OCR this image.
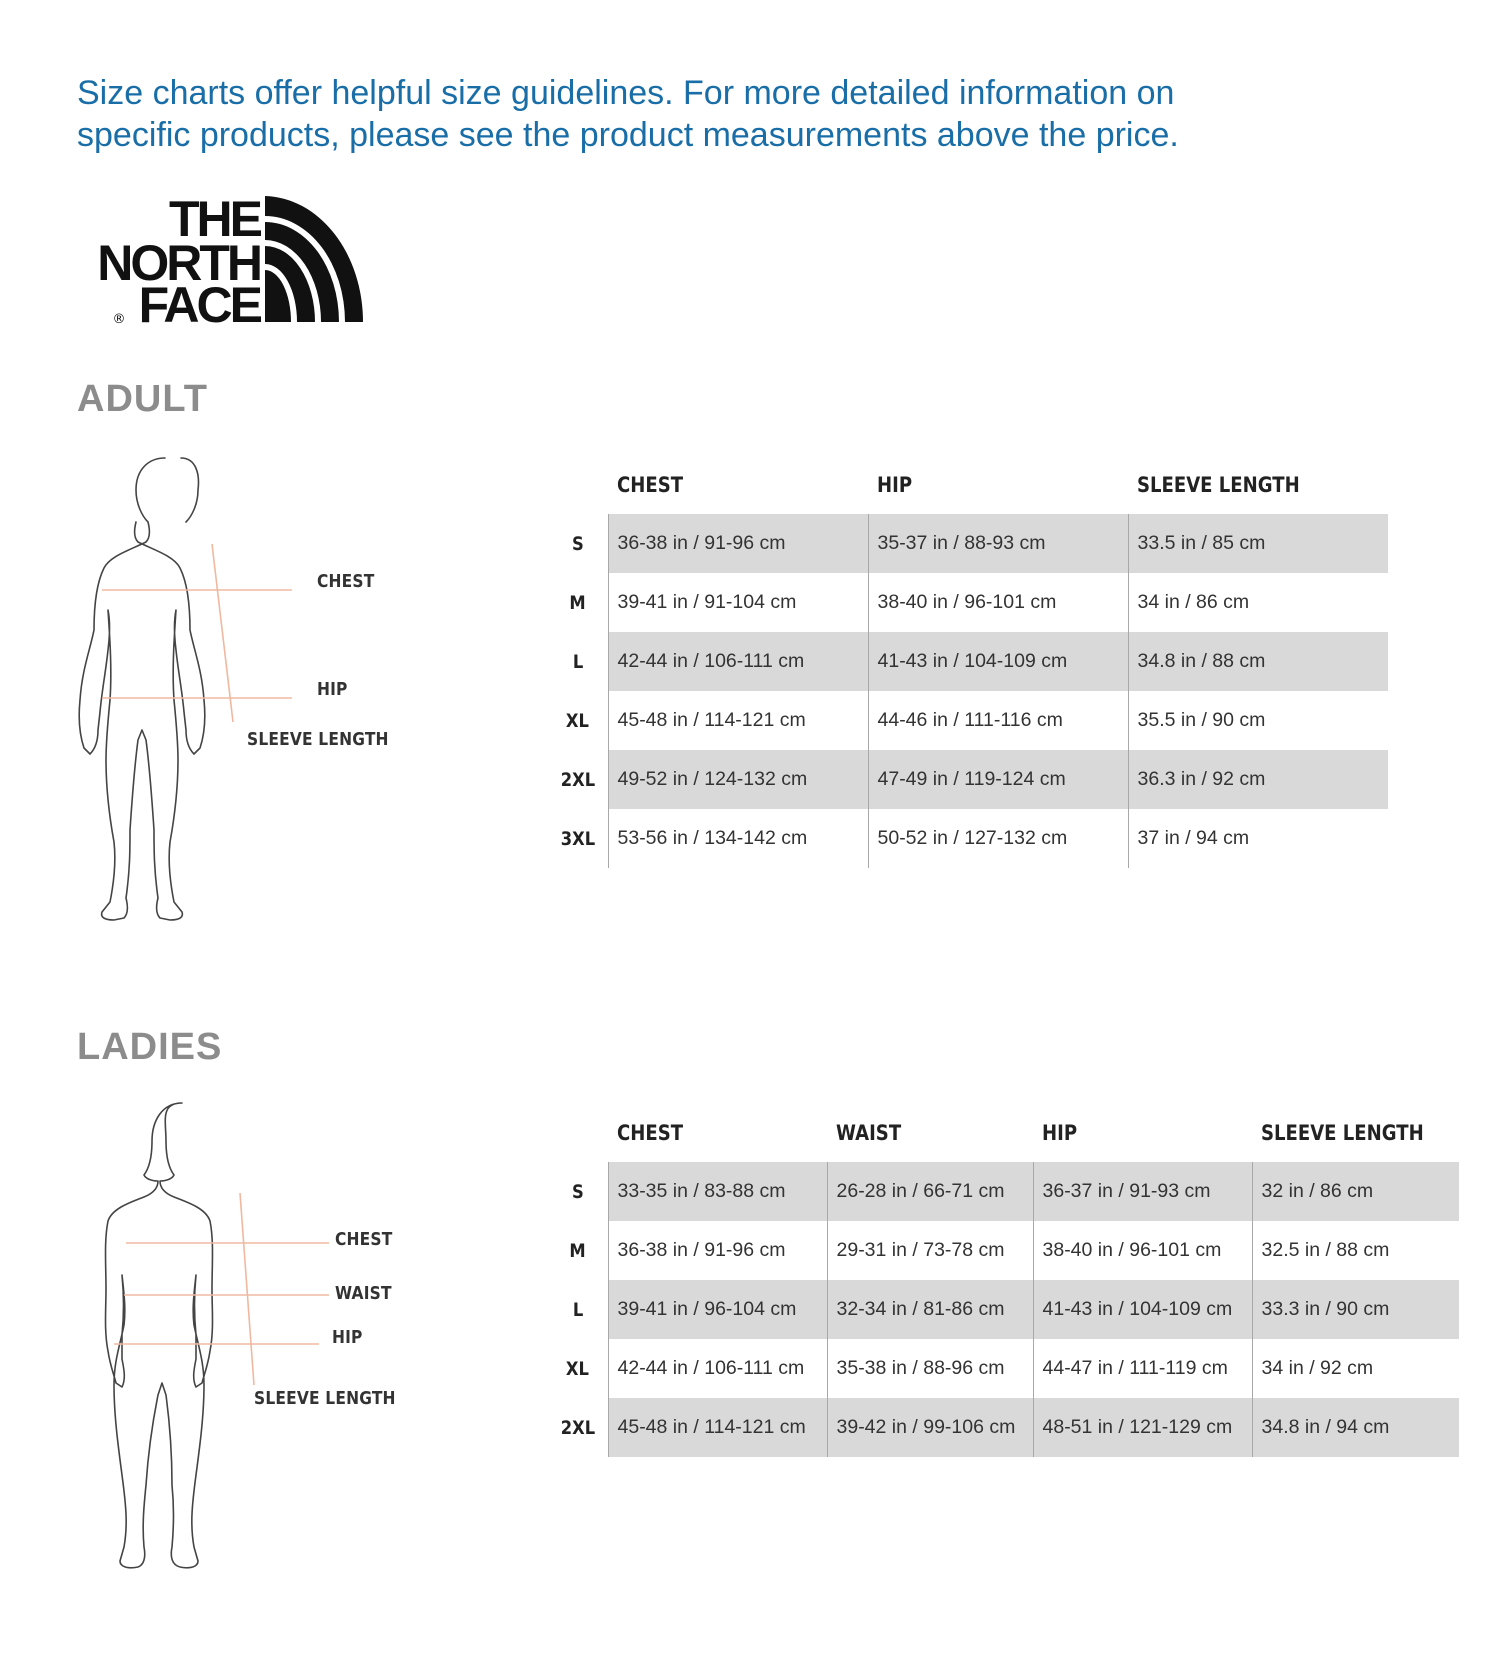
Size charts offer helpful size guidelines. For more detailed information on
specific products, please see the product measurements above the price.
THE
NORTH
FACE
®
ADULT
CHEST
HIP
SLEEVE LENGTH
	CHEST	HIP	SLEEVE LENGTH
S	36-38 in / 91-96 cm	35-37 in / 88-93 cm	33.5 in / 85 cm
M	39-41 in / 91-104 cm	38-40 in / 96-101 cm	34 in / 86 cm
L	42-44 in / 106-111 cm	41-43 in / 104-109 cm	34.8 in / 88 cm
XL	45-48 in / 114-121 cm	44-46 in / 111-116 cm	35.5 in / 90 cm
2XL	49-52 in / 124-132 cm	47-49 in / 119-124 cm	36.3 in / 92 cm
3XL	53-56 in / 134-142 cm	50-52 in / 127-132 cm	37 in / 94 cm
LADIES
CHEST
WAIST
HIP
SLEEVE LENGTH
	CHEST	WAIST	HIP	SLEEVE LENGTH
S	33-35 in / 83-88 cm	26-28 in / 66-71 cm	36-37 in / 91-93 cm	32 in / 86 cm
M	36-38 in / 91-96 cm	29-31 in / 73-78 cm	38-40 in / 96-101 cm	32.5 in / 88 cm
L	39-41 in / 96-104 cm	32-34 in / 81-86 cm	41-43 in / 104-109 cm	33.3 in / 90 cm
XL	42-44 in / 106-111 cm	35-38 in / 88-96 cm	44-47 in / 111-119 cm	34 in / 92 cm
2XL	45-48 in / 114-121 cm	39-42 in / 99-106 cm	48-51 in / 121-129 cm	34.8 in / 94 cm
